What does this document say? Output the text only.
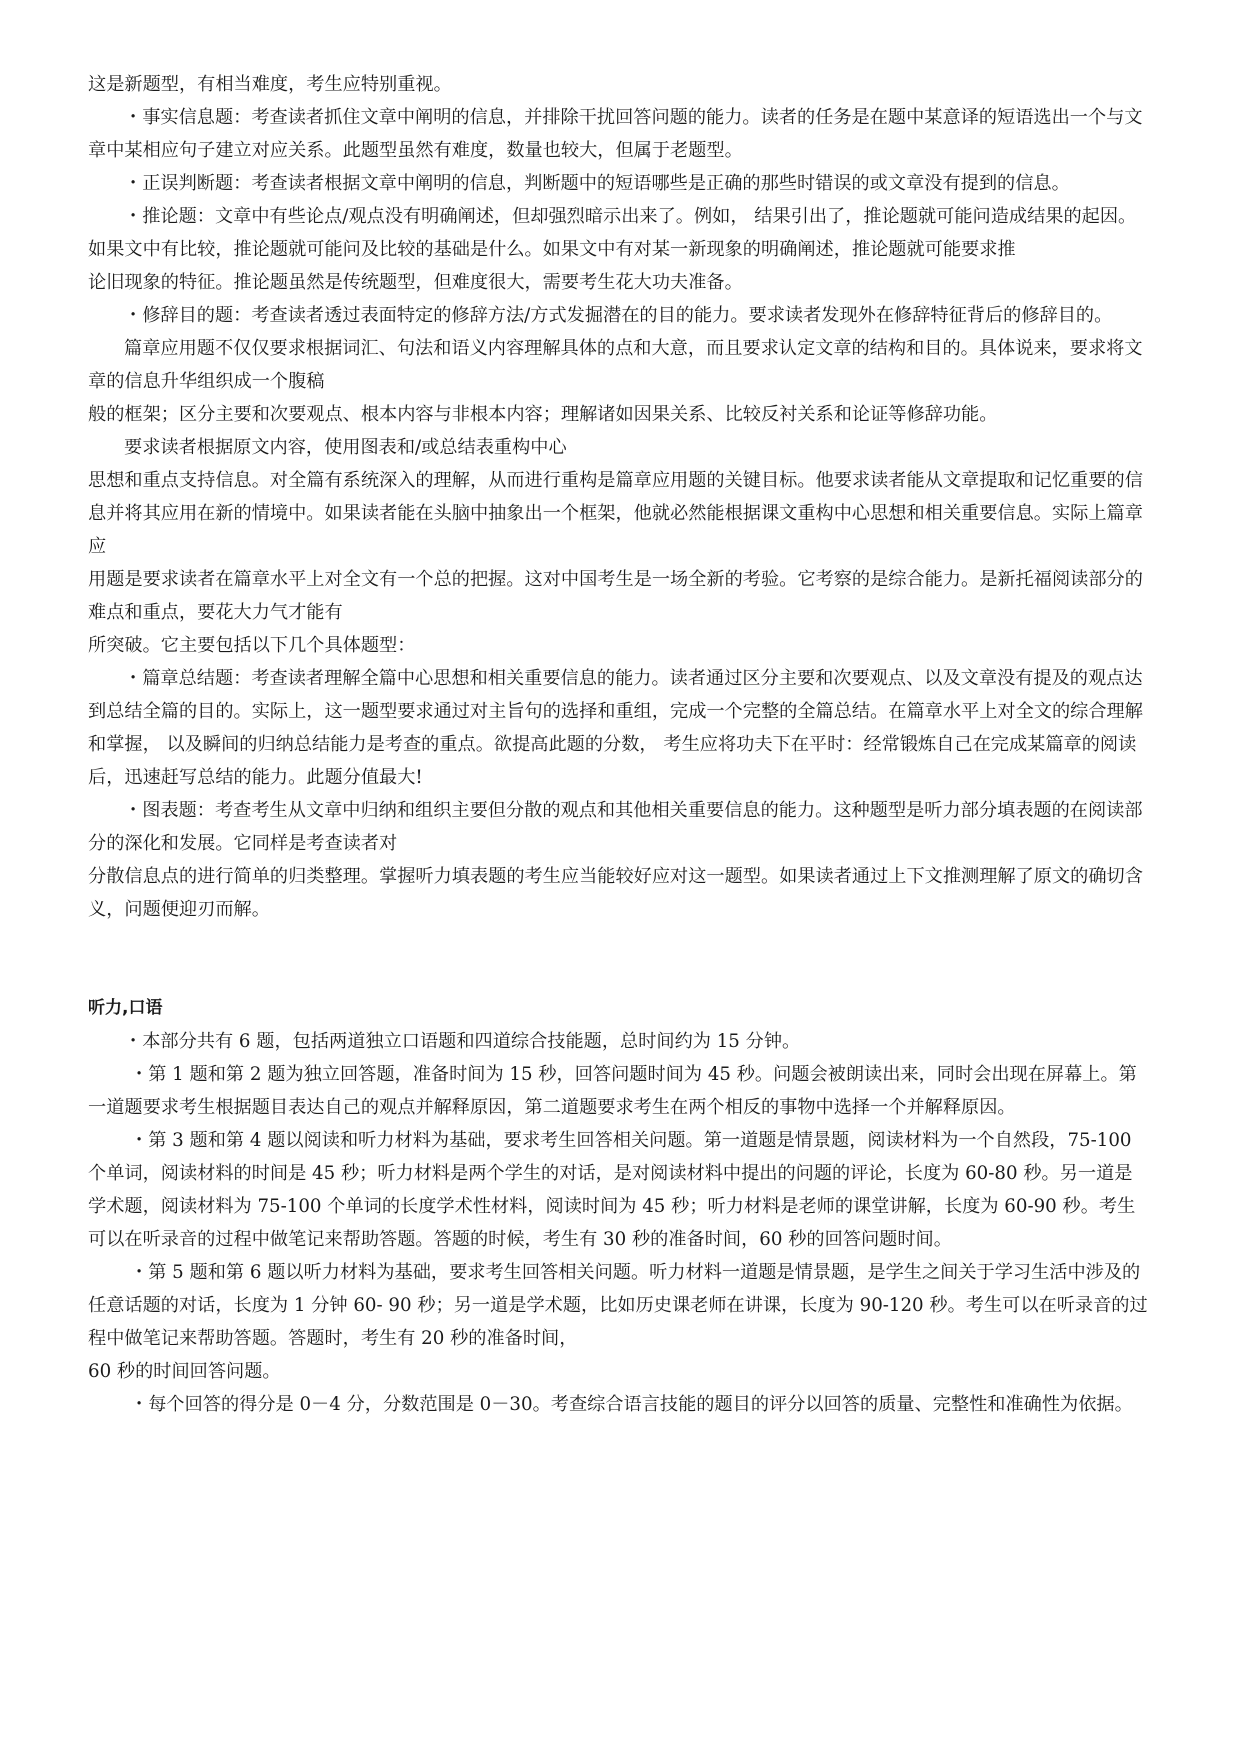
这是新题型，有相当难度，考生应特别重视。

・事实信息题：考查读者抓住文章中阐明的信息，并排除干扰回答问题的能力。读者的任务是在题中某意译的短语选出一个与文章中某相应句子建立对应关系。此题型虽然有难度，数量也较大，但属于老题型。

・正误判断题：考查读者根据文章中阐明的信息，判断题中的短语哪些是正确的那些时错误的或文章没有提到的信息。

・推论题：文章中有些论点/观点没有明确阐述，但却强烈暗示出来了。例如， 结果引出了，推论题就可能问造成结果的起因。如果文中有比较，推论题就可能问及比较的基础是什么。如果文中有对某一新现象的明确阐述，推论题就可能要求推

论旧现象的特征。推论题虽然是传统题型，但难度很大，需要考生花大功夫准备。

・修辞目的题：考查读者透过表面特定的修辞方法/方式发掘潜在的目的能力。要求读者发现外在修辞特征背后的修辞目的。

篇章应用题不仅仅要求根据词汇、句法和语义内容理解具体的点和大意，而且要求认定文章的结构和目的。具体说来，要求将文章的信息升华组织成一个腹稿

般的框架；区分主要和次要观点、根本内容与非根本内容；理解诸如因果关系、比较反衬关系和论证等修辞功能。

要求读者根据原文内容，使用图表和/或总结表重构中心

思想和重点支持信息。对全篇有系统深入的理解，从而进行重构是篇章应用题的关键目标。他要求读者能从文章提取和记忆重要的信息并将其应用在新的情境中。如果读者能在头脑中抽象出一个框架，他就必然能根据课文重构中心思想和相关重要信息。实际上篇章应

用题是要求读者在篇章水平上对全文有一个总的把握。这对中国考生是一场全新的考验。它考察的是综合能力。是新托福阅读部分的难点和重点，要花大力气才能有

所突破。它主要包括以下几个具体题型：

・篇章总结题：考查读者理解全篇中心思想和相关重要信息的能力。读者通过区分主要和次要观点、以及文章没有提及的观点达到总结全篇的目的。实际上，这一题型要求通过对主旨句的选择和重组，完成一个完整的全篇总结。在篇章水平上对全文的综合理解和掌握， 以及瞬间的归纳总结能力是考查的重点。欲提高此题的分数， 考生应将功夫下在平时：经常锻炼自己在完成某篇章的阅读后，迅速赶写总结的能力。此题分值最大!

・图表题：考查考生从文章中归纳和组织主要但分散的观点和其他相关重要信息的能力。这种题型是听力部分填表题的在阅读部分的深化和发展。它同样是考查读者对

分散信息点的进行简单的归类整理。掌握听力填表题的考生应当能较好应对这一题型。如果读者通过上下文推测理解了原文的确切含义，问题便迎刃而解。

听力,口语

・本部分共有 6 题，包括两道独立口语题和四道综合技能题，总时间约为 15 分钟。

・第 1 题和第 2 题为独立回答题，准备时间为 15 秒，回答问题时间为 45 秒。问题会被朗读出来，同时会出现在屏幕上。第一道题要求考生根据题目表达自己的观点并解释原因，第二道题要求考生在两个相反的事物中选择一个并解释原因。

・第 3 题和第 4 题以阅读和听力材料为基础，要求考生回答相关问题。第一道题是情景题，阅读材料为一个自然段，75-100 个单词，阅读材料的时间是 45 秒；听力材料是两个学生的对话，是对阅读材料中提出的问题的评论，长度为 60-80 秒。另一道是学术题，阅读材料为 75-100 个单词的长度学术性材料，阅读时间为 45 秒；听力材料是老师的课堂讲解，长度为 60-90 秒。考生可以在听录音的过程中做笔记来帮助答题。答题的时候，考生有 30 秒的准备时间，60 秒的回答问题时间。

・第 5 题和第 6 题以听力材料为基础，要求考生回答相关问题。听力材料一道题是情景题，是学生之间关于学习生活中涉及的任意话题的对话，长度为 1 分钟 60- 90 秒；另一道是学术题，比如历史课老师在讲课，长度为 90-120 秒。考生可以在听录音的过程中做笔记来帮助答题。答题时，考生有 20 秒的准备时间，

60 秒的时间回答问题。

・每个回答的得分是 0－4 分，分数范围是 0－30。考查综合语言技能的题目的评分以回答的质量、完整性和准确性为依据。
